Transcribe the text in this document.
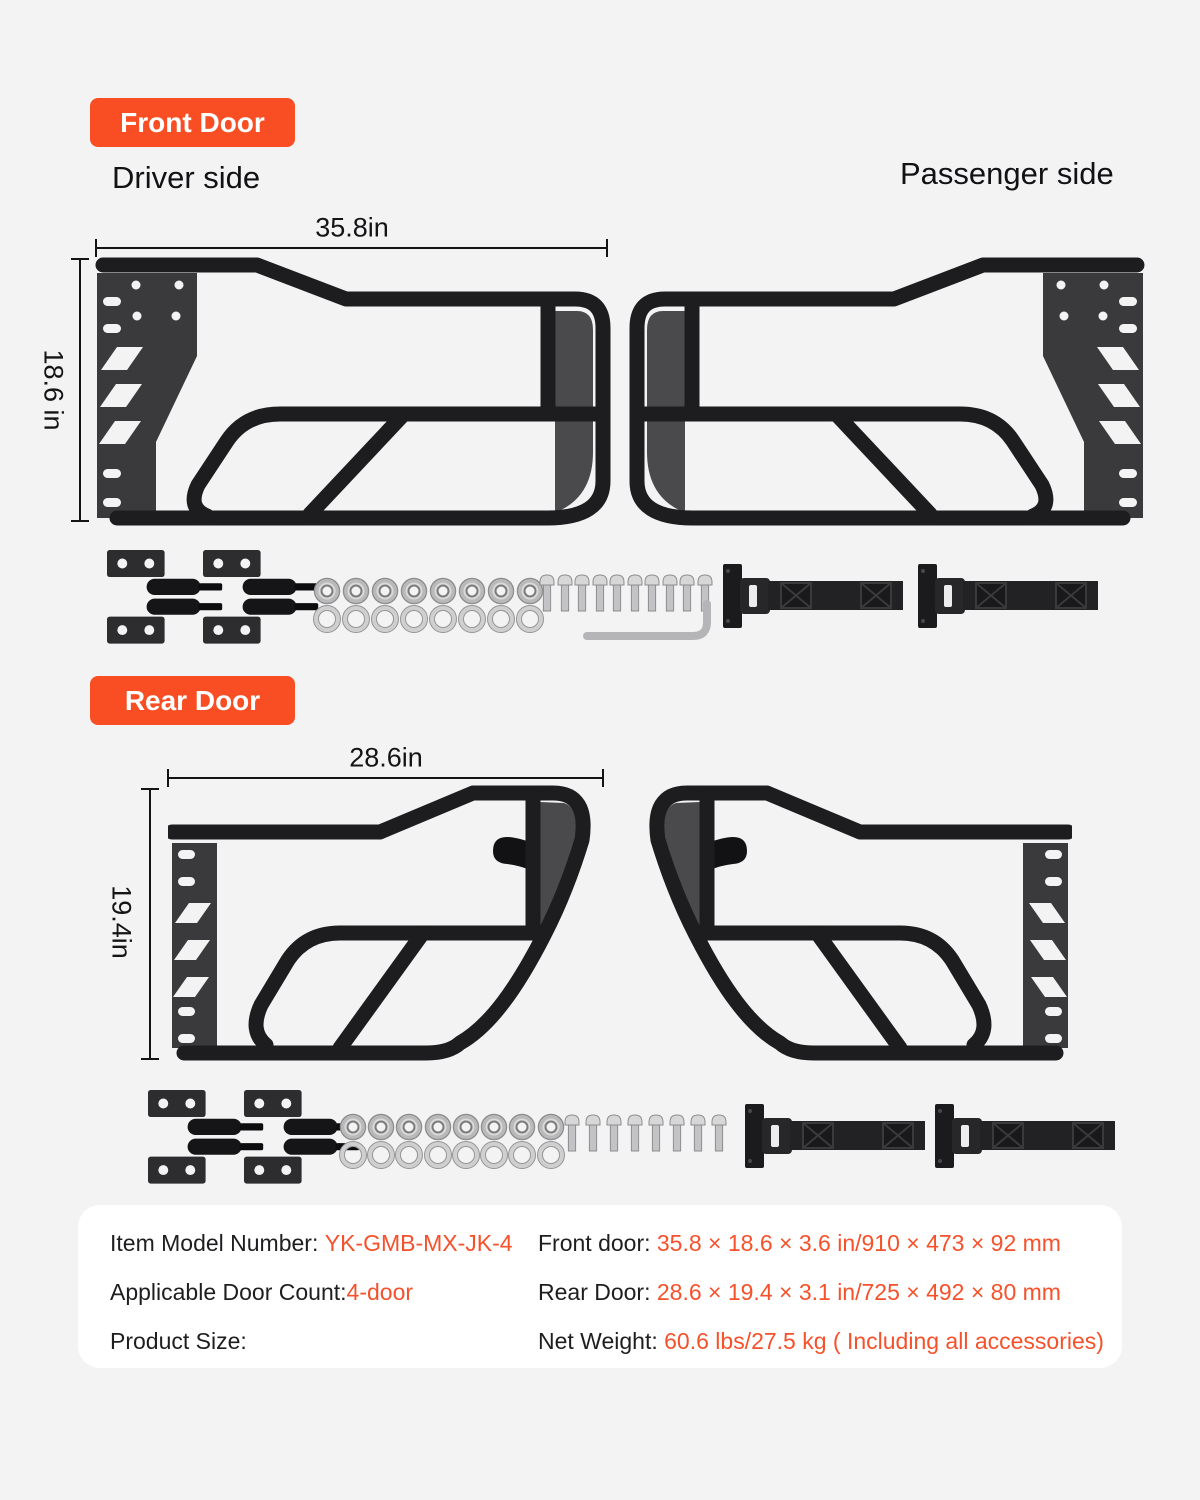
Front Door
Driver side	Passenger side
35.8in
18.6 in
Rear Door
28.6in
19.4in
Item Model Number: YK-GMB-MX-JK-4
Applicable Door Count: 4-door
Product Size:
Front door: 35.8 × 18.6 × 3.6 in/910 × 473 × 92 mm
Rear Door: 28.6 × 19.4 × 3.1 in/725 × 492 × 80 mm
Net Weight: 60.6 lbs/27.5 kg ( Including all accessories)
